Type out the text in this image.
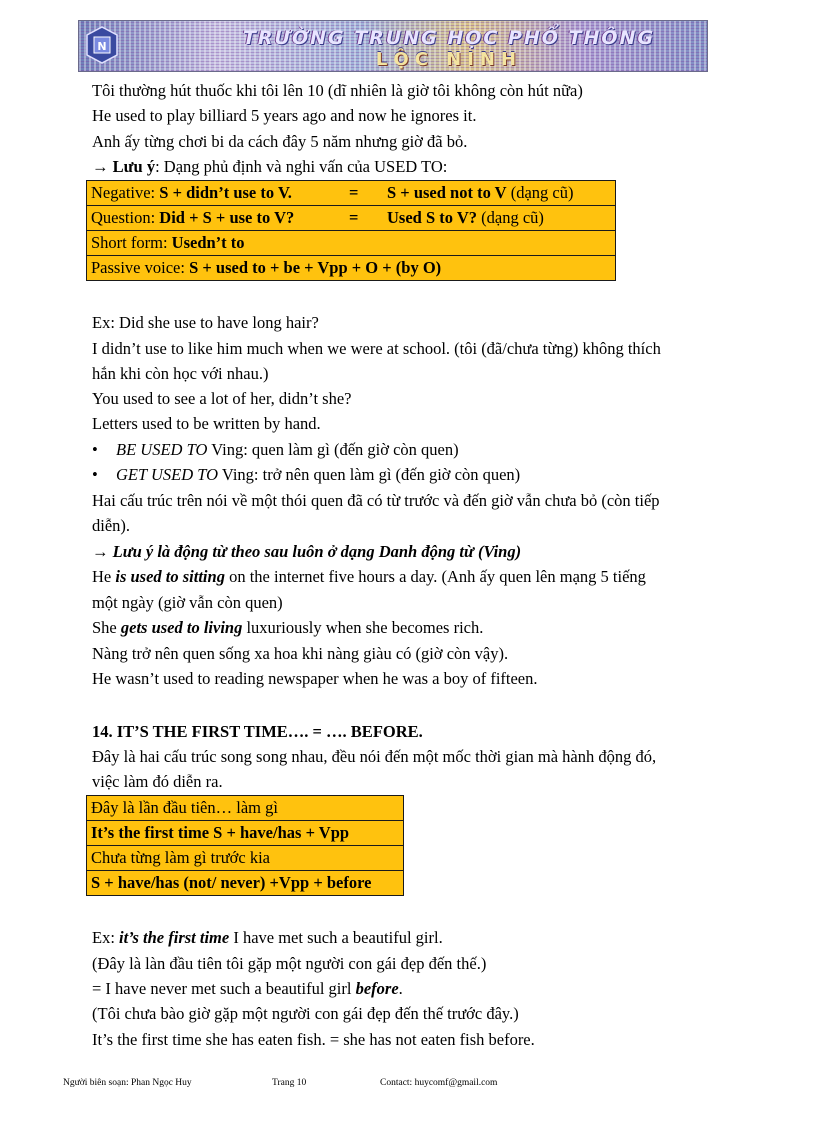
N	TRƯỜNG TRUNG HỌC PHỔ THÔNG
LỘC NINH
Tôi thường hút thuốc khi tôi lên 10 (dĩ nhiên là giờ tôi không còn hút nữa)
He used to play billiard 5 years ago and now he ignores it.
Anh ấy từng chơi bi da cách đây 5 năm nhưng giờ đã bỏ.
→ Lưu ý: Dạng phủ định và nghi vấn của USED TO:
Negative: S + didn’t use to V.	= S + used not to V (dạng cũ)
Question: Did + S + use to V?	= Used S to V? (dạng cũ)
Short form: Usedn’t to
Passive voice: S + used to + be + Vpp + O + (by O)
Ex: Did she use to have long hair?
I didn’t use to like him much when we were at school. (tôi (đã/chưa từng) không thích
hắn khi còn học với nhau.)
You used to see a lot of her, didn’t she?
Letters used to be written by hand.
• BE USED TO Ving: quen làm gì (đến giờ còn quen)
• GET USED TO Ving: trở nên quen làm gì (đến giờ còn quen)
Hai cấu trúc trên nói về một thói quen đã có từ trước và đến giờ vẫn chưa bỏ (còn tiếp
diễn).
→ Lưu ý là động từ theo sau luôn ở dạng Danh động từ (Ving)
He is used to sitting on the internet five hours a day. (Anh ấy quen lên mạng 5 tiếng
một ngày (giờ vẫn còn quen)
She gets used to living luxuriously when she becomes rich.
Nàng trở nên quen sống xa hoa khi nàng giàu có (giờ còn vậy).
He wasn’t used to reading newspaper when he was a boy of fifteen.
14. IT’S THE FIRST TIME…. = …. BEFORE.
Đây là hai cấu trúc song song nhau, đều nói đến một mốc thời gian mà hành động đó,
việc làm đó diễn ra.
Đây là lần đầu tiên… làm gì
It’s the first time S + have/has + Vpp
Chưa từng làm gì trước kia
S + have/has (not/ never) +Vpp + before
Ex: it’s the first time I have met such a beautiful girl.
(Đây là làn đầu tiên tôi gặp một người con gái đẹp đến thế.)
= I have never met such a beautiful girl before.
(Tôi chưa bào giờ gặp một người con gái đẹp đến thế trước đây.)
It’s the first time she has eaten fish. = she has not eaten fish before.
Người biên soạn: Phan Ngọc Huy	Trang 10	Contact: huycomf@gmail.com
